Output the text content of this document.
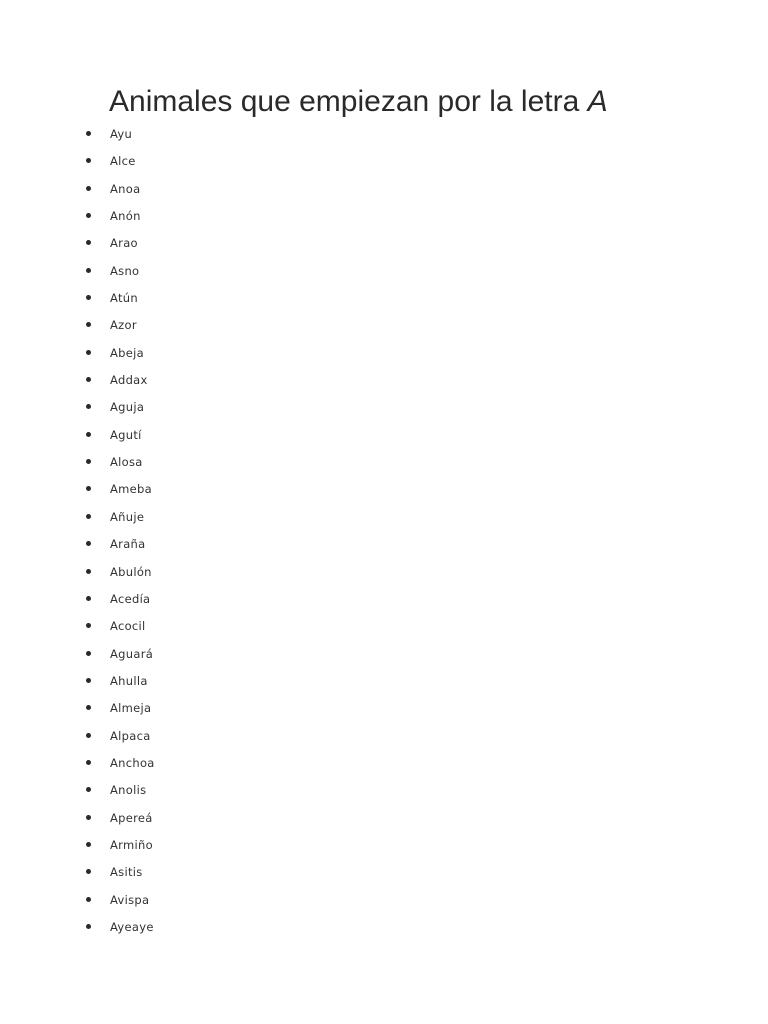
Animales que empiezan por la letra A
Ayu
Alce
Anoa
Anón
Arao
Asno
Atún
Azor
Abeja
Addax
Aguja
Agutí
Alosa
Ameba
Añuje
Araña
Abulón
Acedía
Acocil
Aguará
Ahulla
Almeja
Alpaca
Anchoa
Anolis
Apereá
Armiño
Asitis
Avispa
Ayeaye
